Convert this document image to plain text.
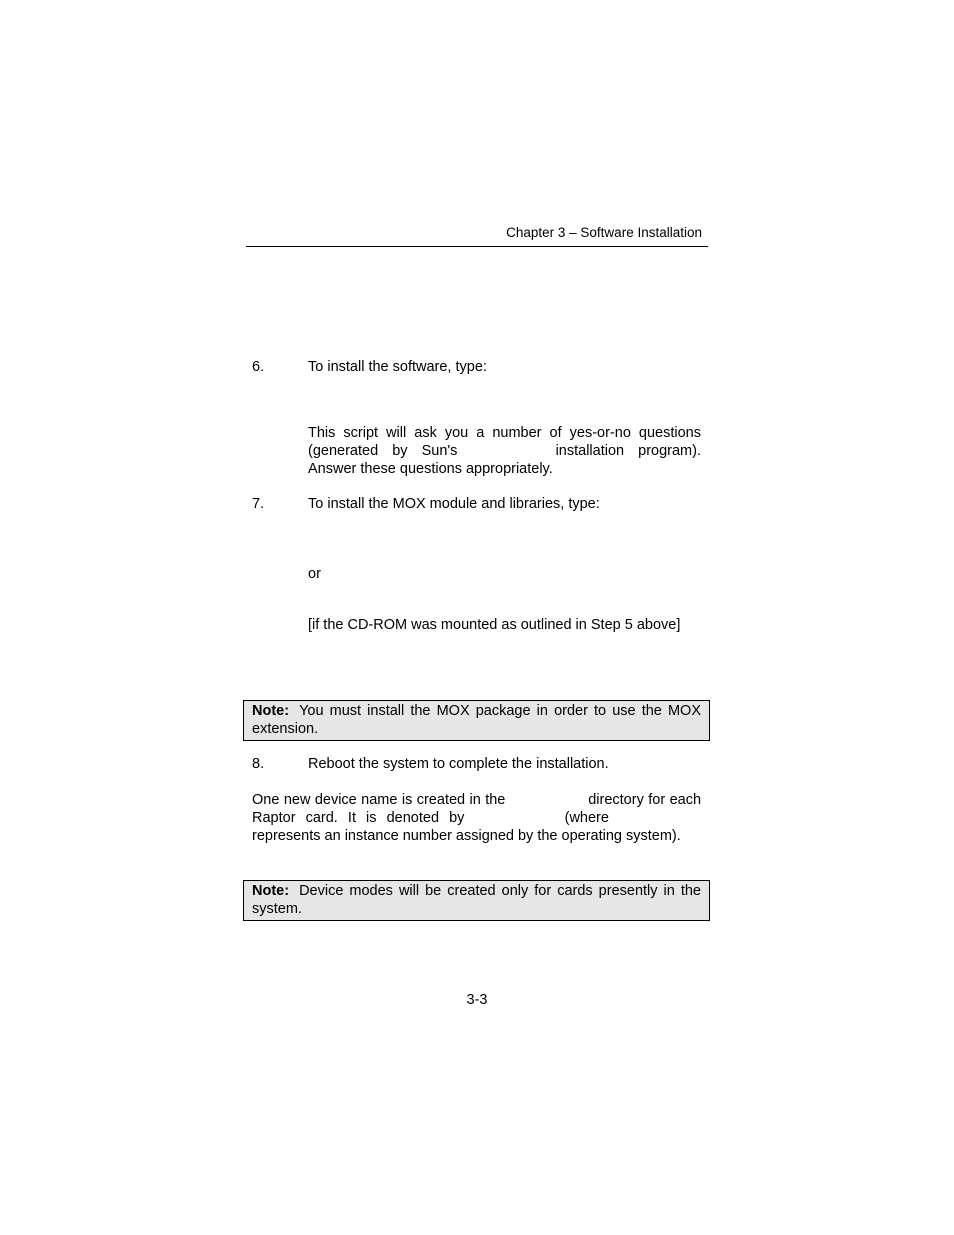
Chapter 3 – Software Installation
6.	To install the software, type:
This script will ask you a number of yes-or-no questions (generated by Sun's	installation program). Answer these questions appropriately.
7.	To install the MOX module and libraries, type:
or
[if the CD-ROM was mounted as outlined in Step 5 above]
Note: You must install the MOX package in order to use the MOX extension.
8.	Reboot the system to complete the installation.
One new device name is created in the	directory for each Raptor card. It is denoted by	(where  represents an instance number assigned by the operating system).
Note: Device modes will be created only for cards presently in the system.
3-3
